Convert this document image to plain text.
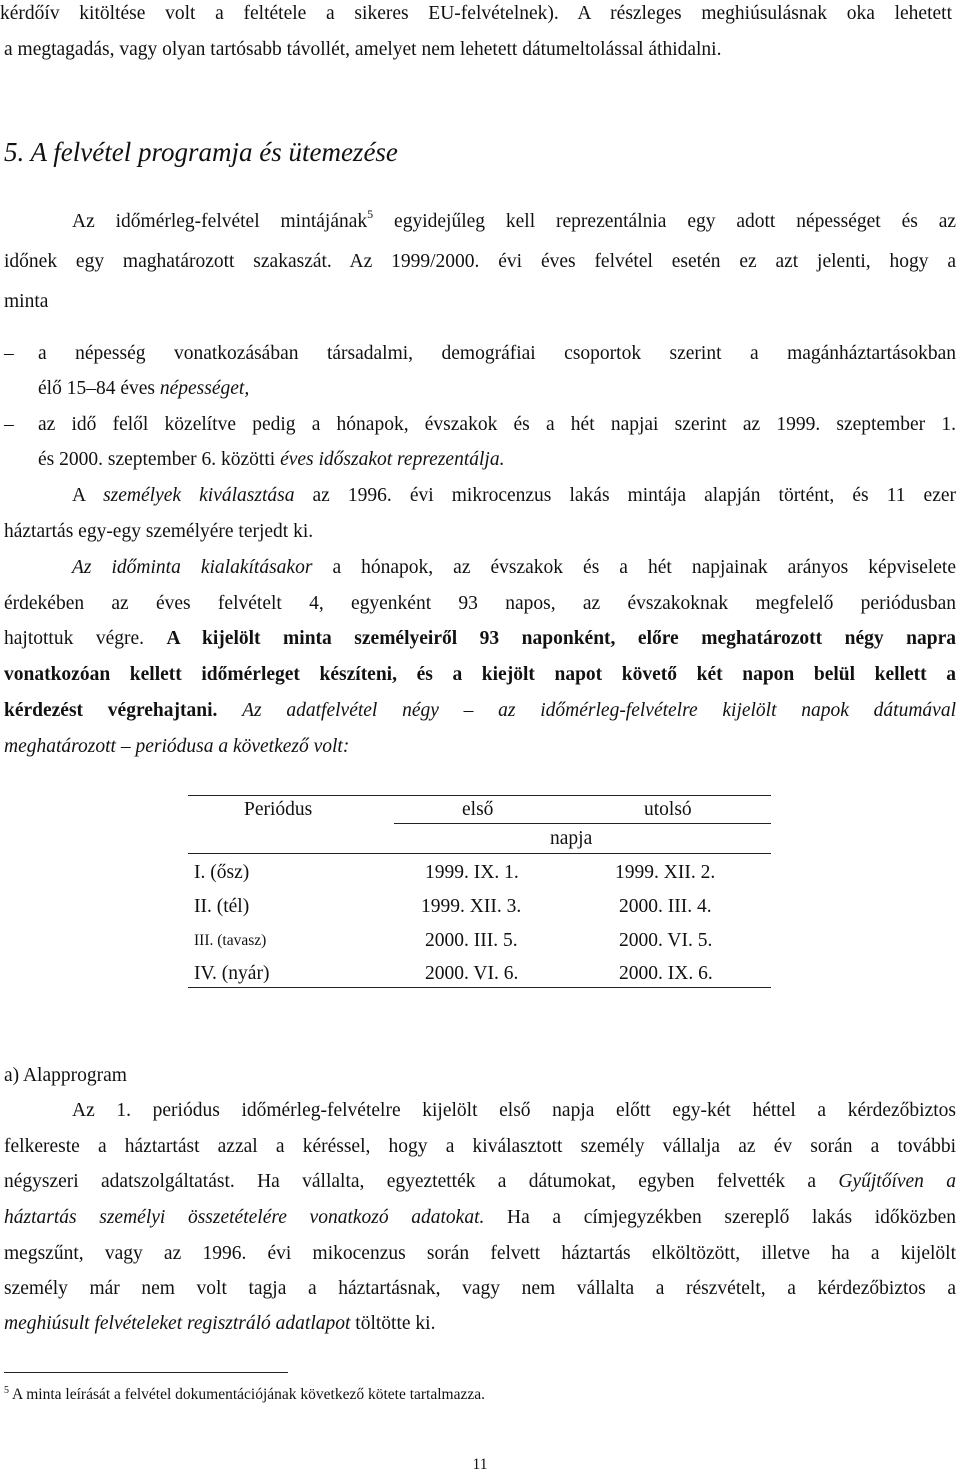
kérdőív kitöltése volt a feltétele a sikeres EU-felvételnek). A részleges meghiúsulásnak oka lehetett
a megtagadás, vagy olyan tartósabb távollét, amelyet nem lehetett dátumeltolással áthidalni.
5. A felvétel programja és ütemezése
Az időmérleg-felvétel mintájának$^5$ egyidejűleg kell reprezentálnia egy adott népességet és az
időnek egy maghatározott szakaszát. Az 1999/2000. évi éves felvétel esetén ez azt jelenti, hogy a
minta
– a népesség vonatkozásában társadalmi, demográfiai csoportok szerint a magánháztartásokban
élő 15–84 éves népességet,
– az idő felől közelítve pedig a hónapok, évszakok és a hét napjai szerint az 1999. szeptember 1.
és 2000. szeptember 6. közötti éves időszakot reprezentálja.
A személyek kiválasztása az 1996. évi mikrocenzus lakás mintája alapján történt, és 11 ezer
háztartás egy-egy személyére terjedt ki.
Az időminta kialakításakor a hónapok, az évszakok és a hét napjainak arányos képviselete
érdekében az éves felvételt 4, egyenként 93 napos, az évszakoknak megfelelő periódusban
hajtottuk végre. A kijelölt minta személyeiről 93 naponként, előre meghatározott négy napra
vonatkozóan kellett időmérleget készíteni, és a kiejölt napot követő két napon belül kellett a
kérdezést végrehajtani. Az adatfelvétel négy – az időmérleg-felvételre kijelölt napok dátumával
meghatározott – periódusa a következő volt:
Periódus	első	utolsó
napja
I. (ősz)	1999. IX. 1.	1999. XII. 2.
II. (tél)	1999. XII. 3.	2000. III. 4.
III. (tavasz)	2000. III. 5.	2000. VI. 5.
IV. (nyár)	2000. VI. 6.	2000. IX. 6.
a) Alapprogram
Az 1. periódus időmérleg-felvételre kijelölt első napja előtt egy-két héttel a kérdezőbiztos
felkereste a háztartást azzal a kéréssel, hogy a kiválasztott személy vállalja az év során a további
négyszeri adatszolgáltatást. Ha vállalta, egyeztették a dátumokat, egyben felvették a Gyűjtőíven a
háztartás személyi összetételére vonatkozó adatokat. Ha a címjegyzékben szereplő lakás időközben
megszűnt, vagy az 1996. évi mikocenzus során felvett háztartás elköltözött, illetve ha a kijelölt
személy már nem volt tagja a háztartásnak, vagy nem vállalta a részvételt, a kérdezőbiztos a
meghiúsult felvételeket regisztráló adatlapot töltötte ki.
$^5$ A minta leírását a felvétel dokumentációjának következő kötete tartalmazza.
11
